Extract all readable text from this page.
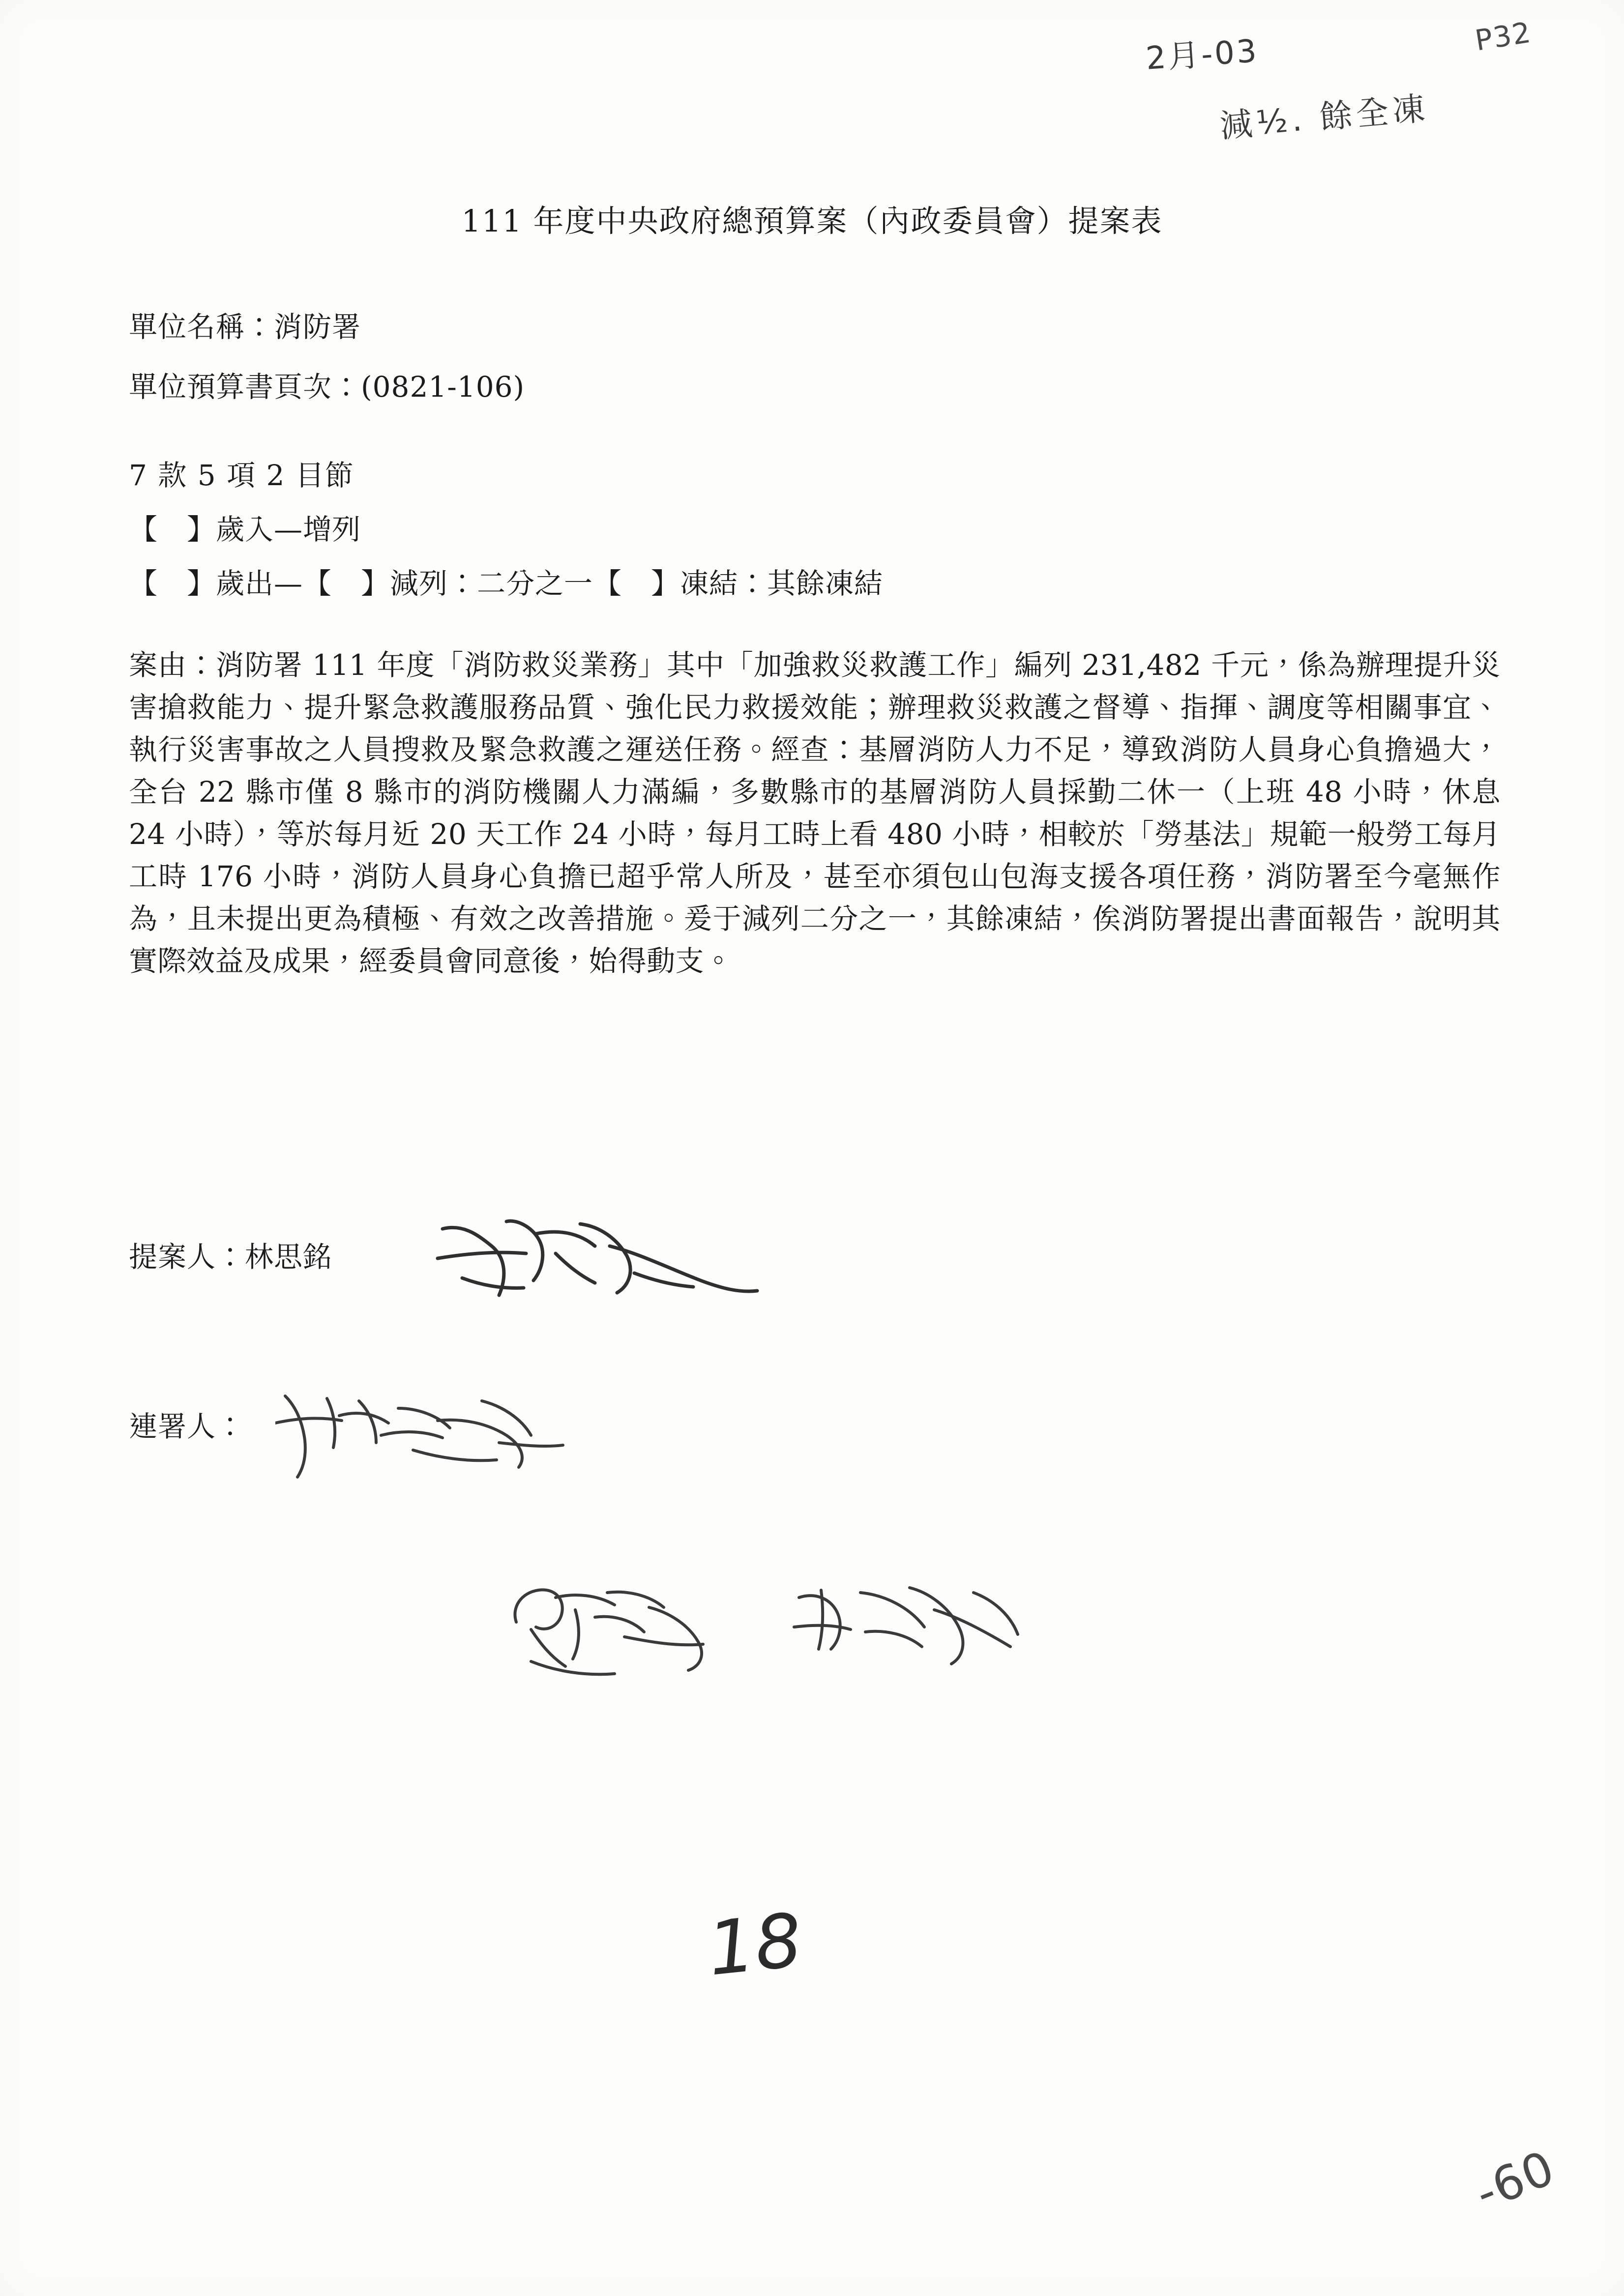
2月-03	P32
減½. 餘全凍
111 年度中央政府總預算案（內政委員會）提案表
單位名稱：消防署
單位預算書頁次：(0821-106)
7 款 5 項 2 目節
【　】歲入—增列
【　】歲出—【　】減列：二分之一【　】凍結：其餘凍結
案由：消防署 111 年度「消防救災業務」其中「加強救災救護工作」編列 231,482 千元，係為辦理提升災害搶救能力、提升緊急救護服務品質、強化民力救援效能；辦理救災救護之督導、指揮、調度等相關事宜、執行災害事故之人員搜救及緊急救護之運送任務。經查：基層消防人力不足，導致消防人員身心負擔過大，全台 22 縣市僅 8 縣市的消防機關人力滿編，多數縣市的基層消防人員採勤二休一（上班 48 小時，休息 24 小時），等於每月近 20 天工作 24 小時，每月工時上看 480 小時，相較於「勞基法」規範一般勞工每月工時 176 小時，消防人員身心負擔已超乎常人所及，甚至亦須包山包海支援各項任務，消防署至今毫無作為，且未提出更為積極、有效之改善措施。爰于減列二分之一，其餘凍結，俟消防署提出書面報告，說明其實際效益及成果，經委員會同意後，始得動支。
提案人：林思銘
連署人：
18
-60
